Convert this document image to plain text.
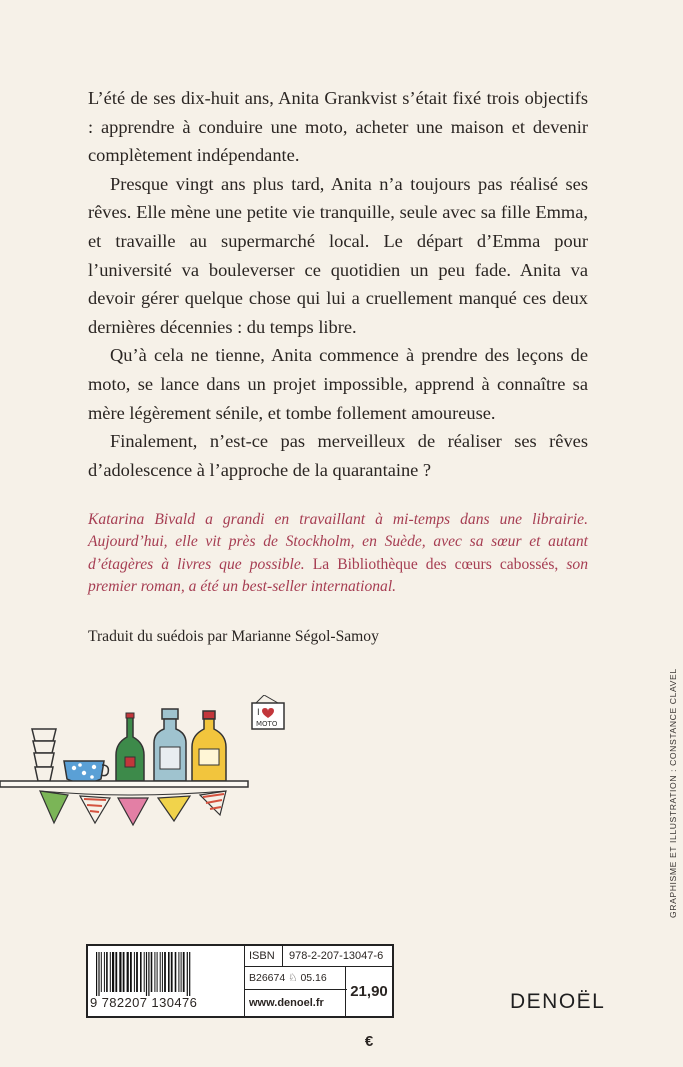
L’été de ses dix-huit ans, Anita Grankvist s’était fixé trois objectifs : apprendre à conduire une moto, acheter une maison et devenir complètement indépendante.

Presque vingt ans plus tard, Anita n’a toujours pas réalisé ses rêves. Elle mène une petite vie tranquille, seule avec sa fille Emma, et travaille au supermarché local. Le départ d’Emma pour l’université va bouleverser ce quotidien un peu fade. Anita va devoir gérer quelque chose qui lui a cruellement manqué ces deux dernières décennies : du temps libre.

Qu’à cela ne tienne, Anita commence à prendre des leçons de moto, se lance dans un projet impossible, apprend à connaître sa mère légèrement sénile, et tombe follement amoureuse.

Finalement, n’est-ce pas merveilleux de réaliser ses rêves d’adolescence à l’approche de la quarantaine ?

Katarina Bivald a grandi en travaillant à mi-temps dans une librairie. Aujourd’hui, elle vit près de Stockholm, en Suède, avec sa sœur et autant d’étagères à livres que possible. La Bibliothèque des cœurs cabossés, son premier roman, a été un best-seller international.
Traduit du suédois par Marianne Ségol-Samoy
I
MOTO	GRAPHISME ET ILLUSTRATION : CONSTANCE CLAVEL
9 782207 130476
ISBN 978-2-207-13047-6
B26674 ♘ 05.16
www.denoel.fr
21,90 €
DENOËL
